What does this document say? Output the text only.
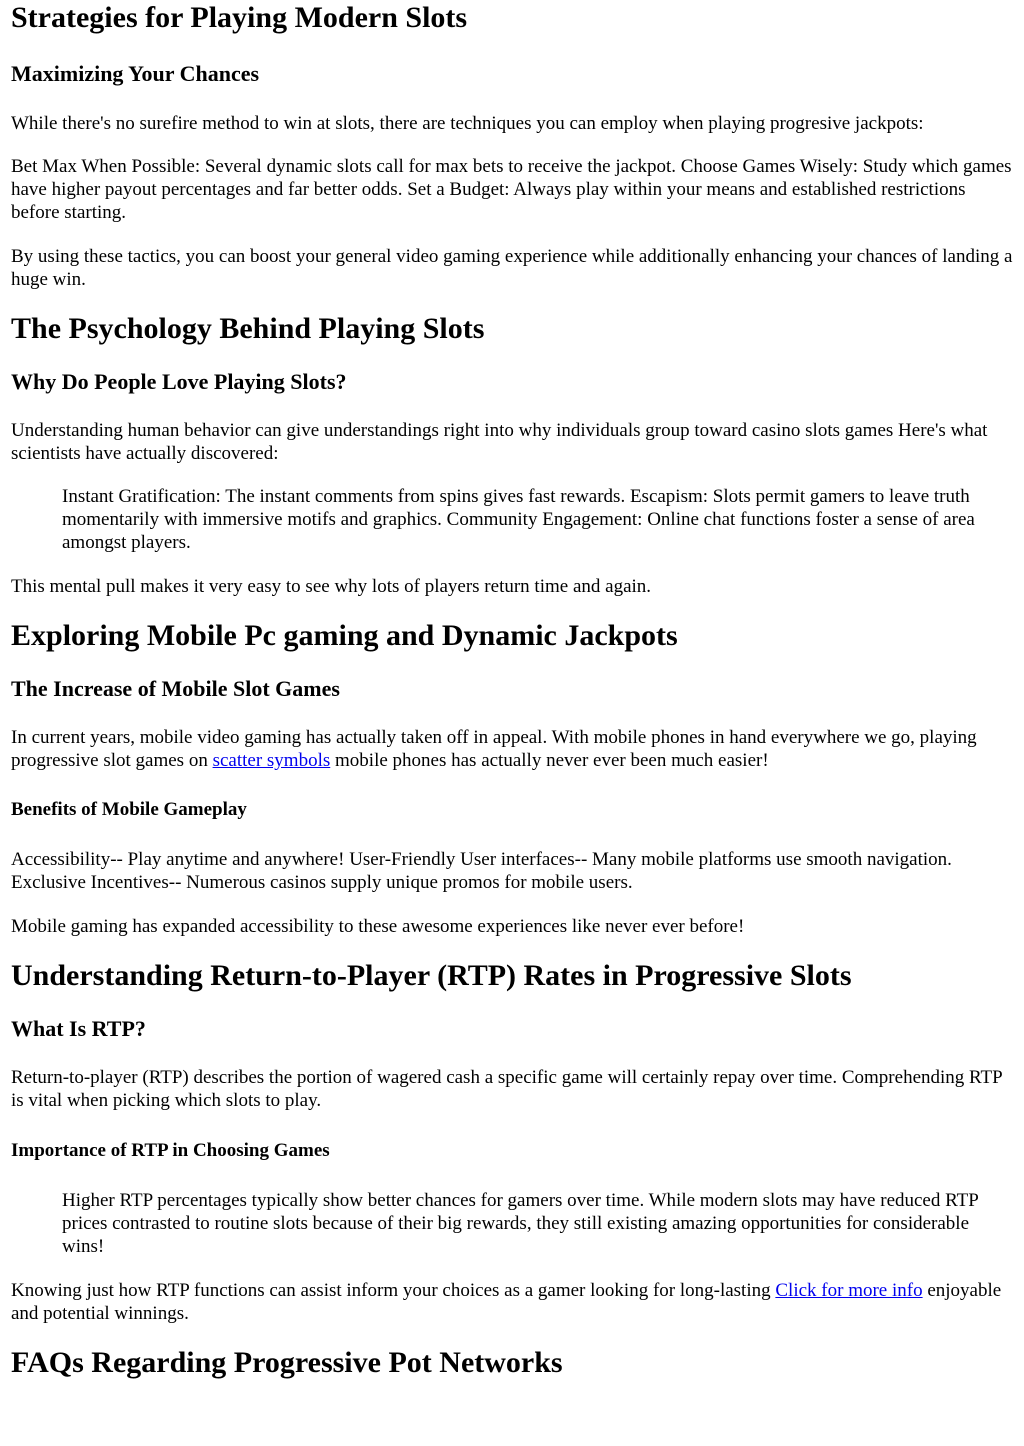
Strategies for Playing Modern Slots
Maximizing Your Chances

While there's no surefire method to win at slots, there are techniques you can employ when playing progresive jackpots:

Bet Max When Possible: Several dynamic slots call for max bets to receive the jackpot. Choose Games Wisely: Study which games have higher payout percentages and far better odds. Set a Budget: Always play within your means and established restrictions before starting.

By using these tactics, you can boost your general video gaming experience while additionally enhancing your chances of landing a huge win.

The Psychology Behind Playing Slots
Why Do People Love Playing Slots?

Understanding human behavior can give understandings right into why individuals group toward casino slots games Here's what scientists have actually discovered:

Instant Gratification: The instant comments from spins gives fast rewards. Escapism: Slots permit gamers to leave truth momentarily with immersive motifs and graphics. Community Engagement: Online chat functions foster a sense of area amongst players.

This mental pull makes it very easy to see why lots of players return time and again.

Exploring Mobile Pc gaming and Dynamic Jackpots
The Increase of Mobile Slot Games

In current years, mobile video gaming has actually taken off in appeal. With mobile phones in hand everywhere we go, playing progressive slot games on scatter symbols mobile phones has actually never ever been much easier!

Benefits of Mobile Gameplay

Accessibility-- Play anytime and anywhere! User-Friendly User interfaces-- Many mobile platforms use smooth navigation. Exclusive Incentives-- Numerous casinos supply unique promos for mobile users.

Mobile gaming has expanded accessibility to these awesome experiences like never ever before!

Understanding Return-to-Player (RTP) Rates in Progressive Slots
What Is RTP?

Return-to-player (RTP) describes the portion of wagered cash a specific game will certainly repay over time. Comprehending RTP is vital when picking which slots to play.

Importance of RTP in Choosing Games
Higher RTP percentages typically show better chances for gamers over time. While modern slots may have reduced RTP prices contrasted to routine slots because of their big rewards, they still existing amazing opportunities for considerable wins!

Knowing just how RTP functions can assist inform your choices as a gamer looking for long-lasting Click for more info enjoyable and potential winnings.

FAQs Regarding Progressive Pot Networks
